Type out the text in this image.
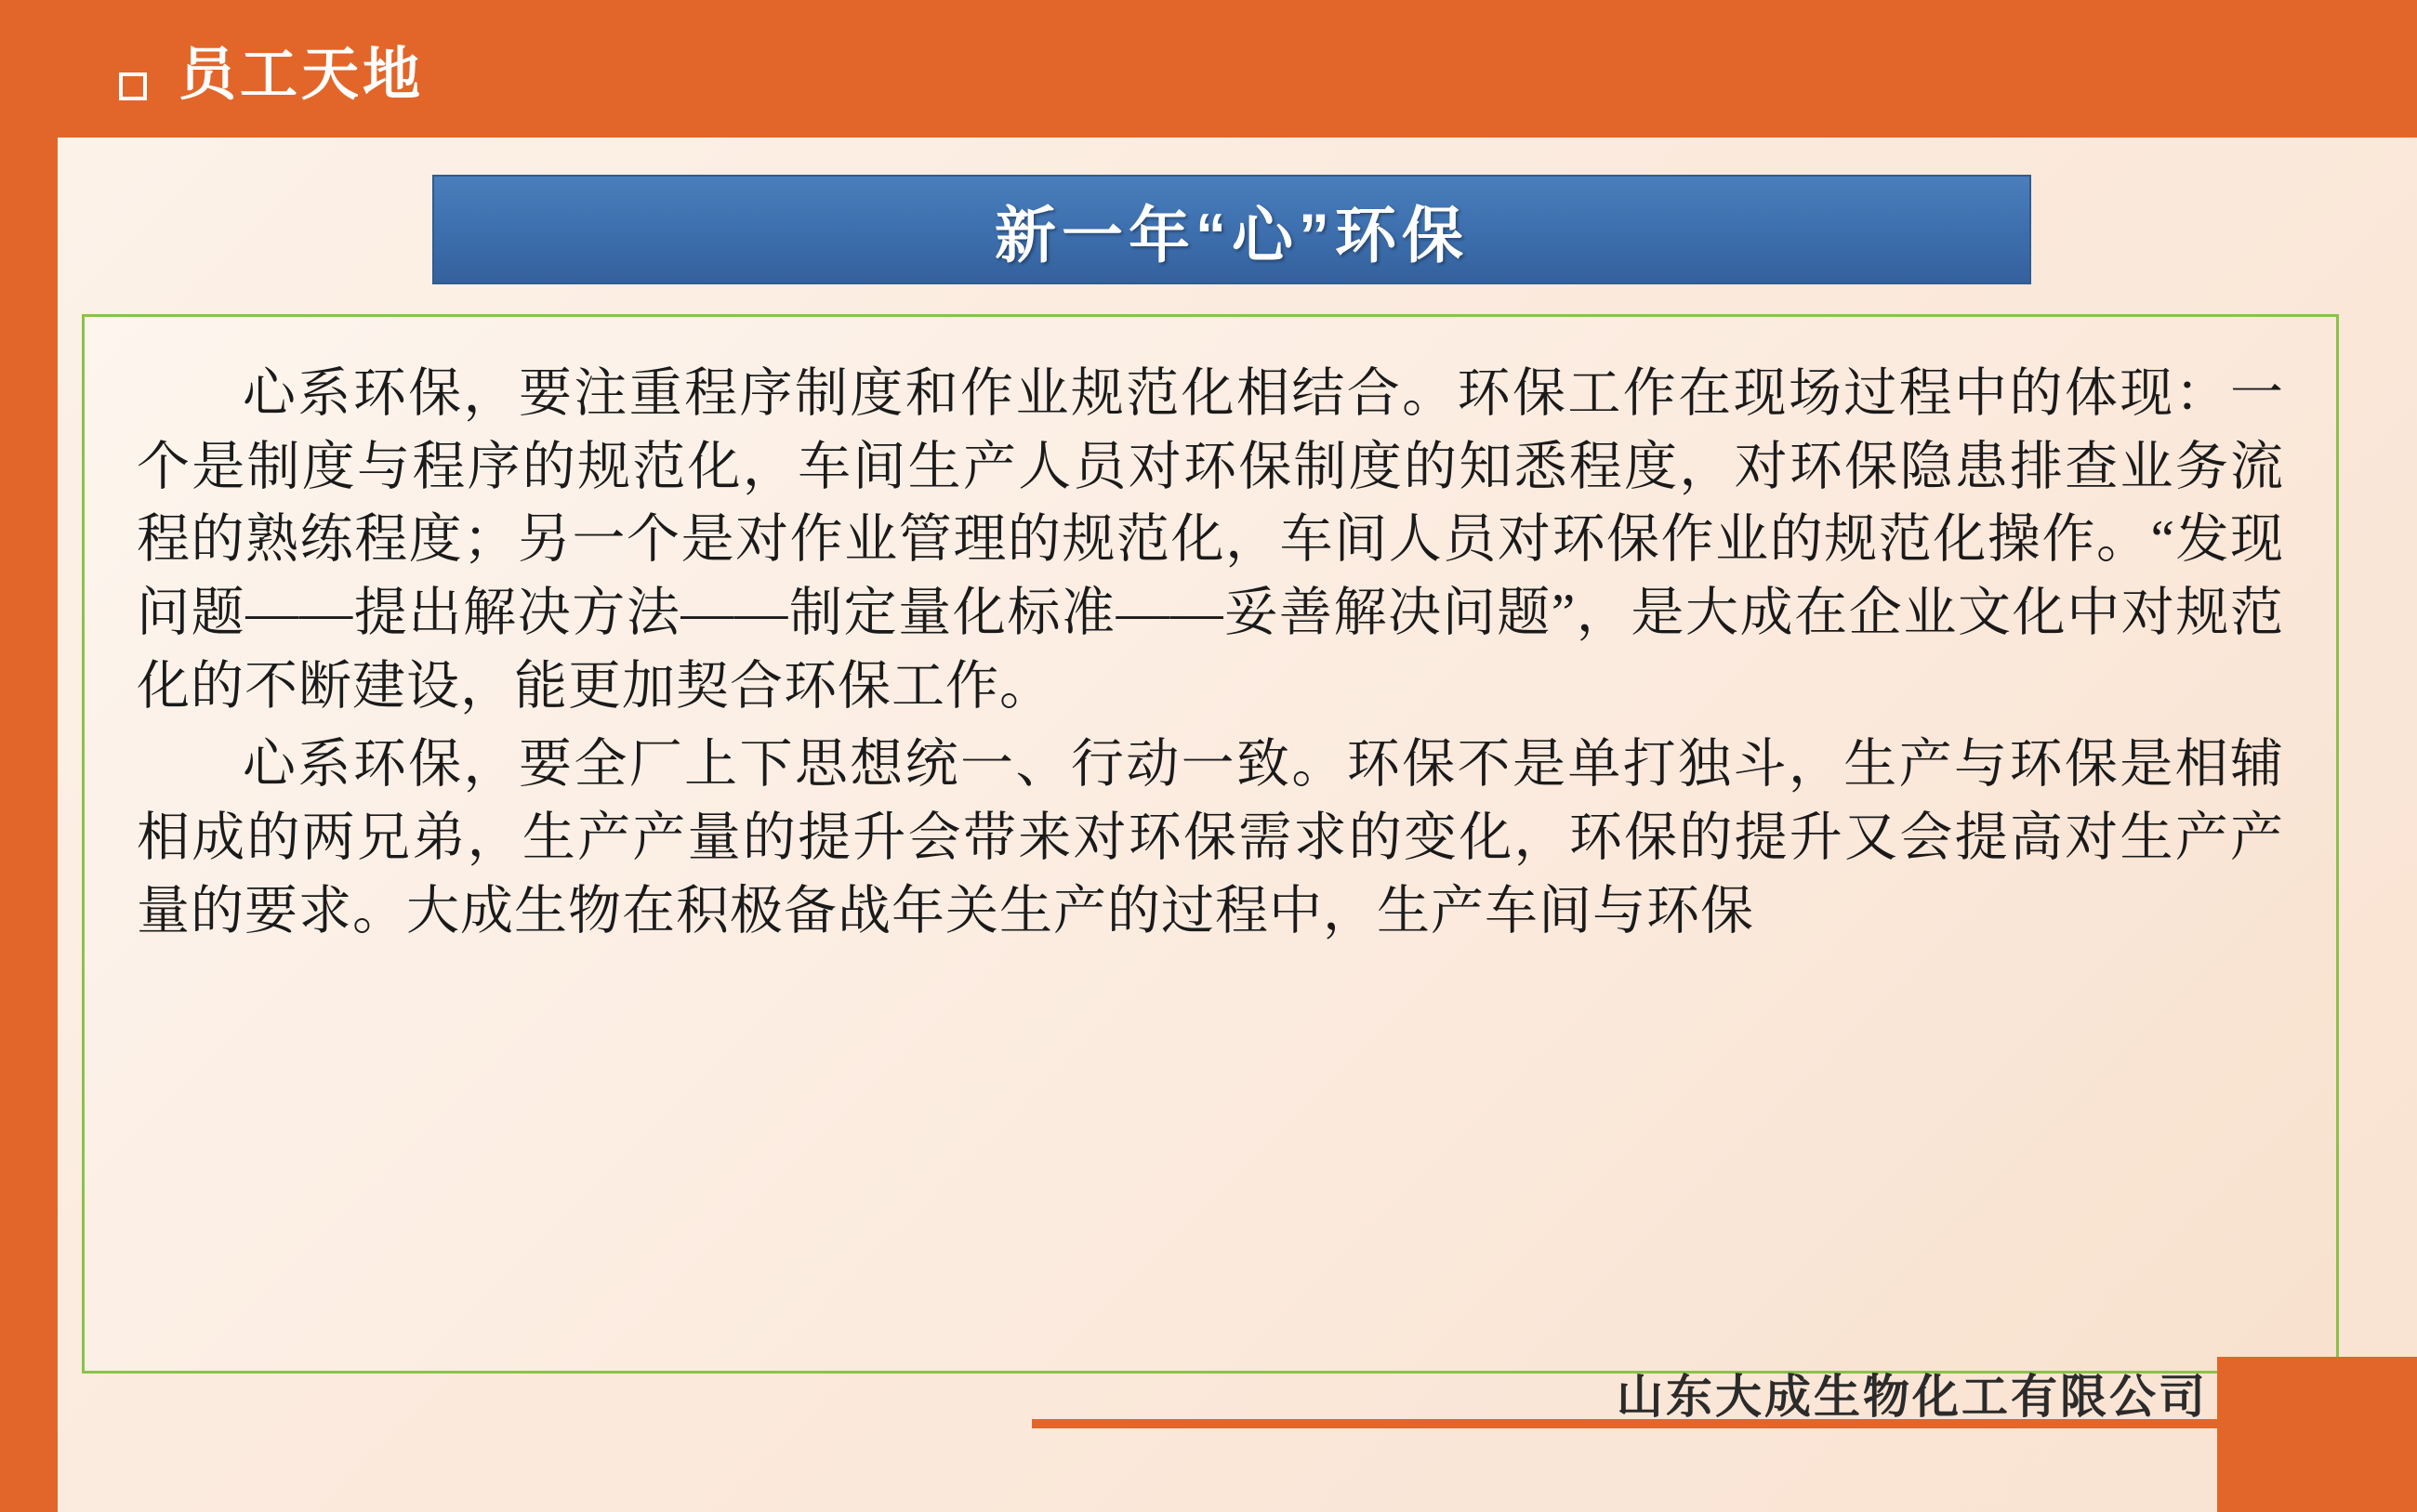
员工天地
新一年“心”环保

心系环保，要注重程序制度和作业规范化相结合。环保工作在现场过程中的体现：一个是制度与程序的规范化，车间生产人员对环保制度的知悉程度，对环保隐患排查业务流程的熟练程度；另一个是对作业管理的规范化，车间人员对环保作业的规范化操作。“发现问题——提出解决方法——制定量化标准——妥善解决问题”，是大成在企业文化中对规范化的不断建设，能更加契合环保工作。

心系环保，要全厂上下思想统一、行动一致。环保不是单打独斗，生产与环保是相辅相成的两兄弟，生产产量的提升会带来对环保需求的变化，环保的提升又会提高对生产产量的要求。大成生物在积极备战年关生产的过程中，生产车间与环保

山东大成生物化工有限公司
